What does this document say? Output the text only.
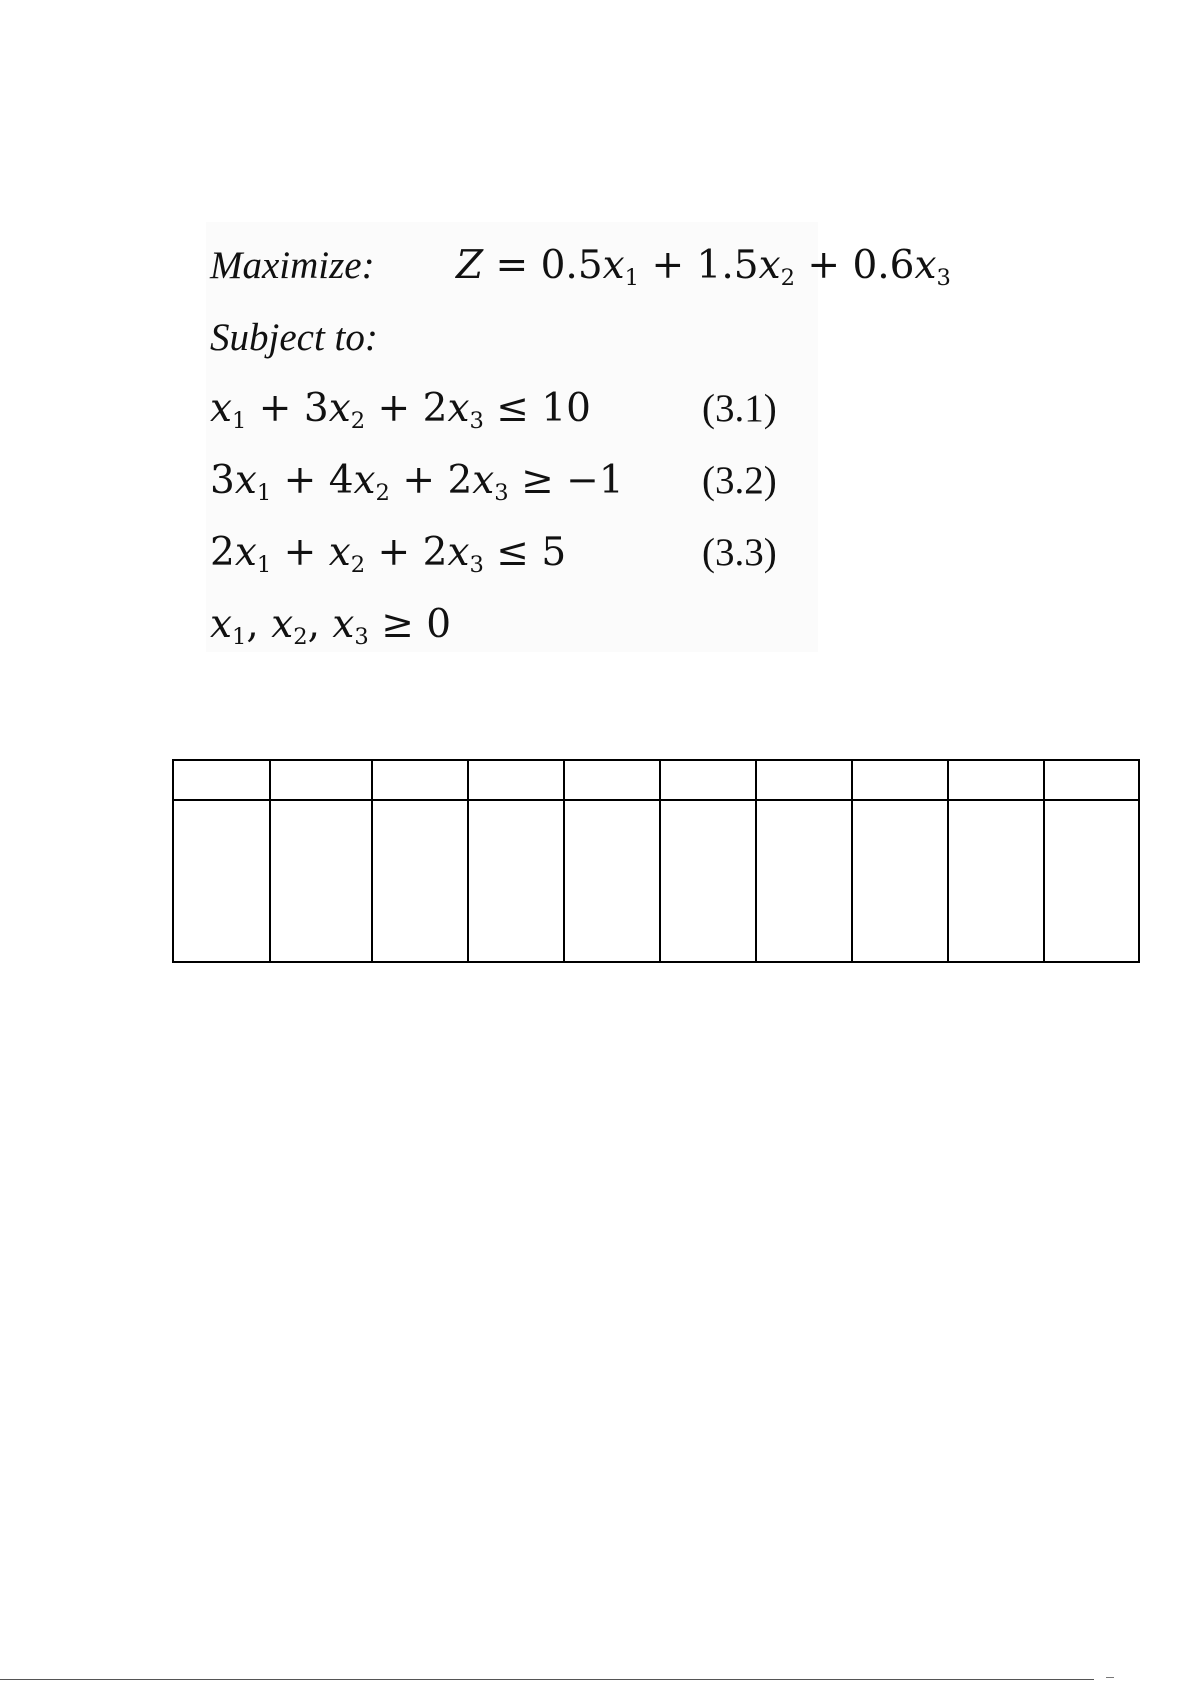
Maximize: $Z = 0.5x_1 + 1.5x_2 + 0.6x_3$
Subject to:
$x_1 + 3x_2 + 2x_3 \le 10$	(3.1)
$3x_1 + 4x_2 + 2x_3 \ge -1$ (3.2)
$2x_1 + x_2 + 2x_3 \le 5$	(3.3)
$x_1$, $x_2$, $x_3 \ge 0$
